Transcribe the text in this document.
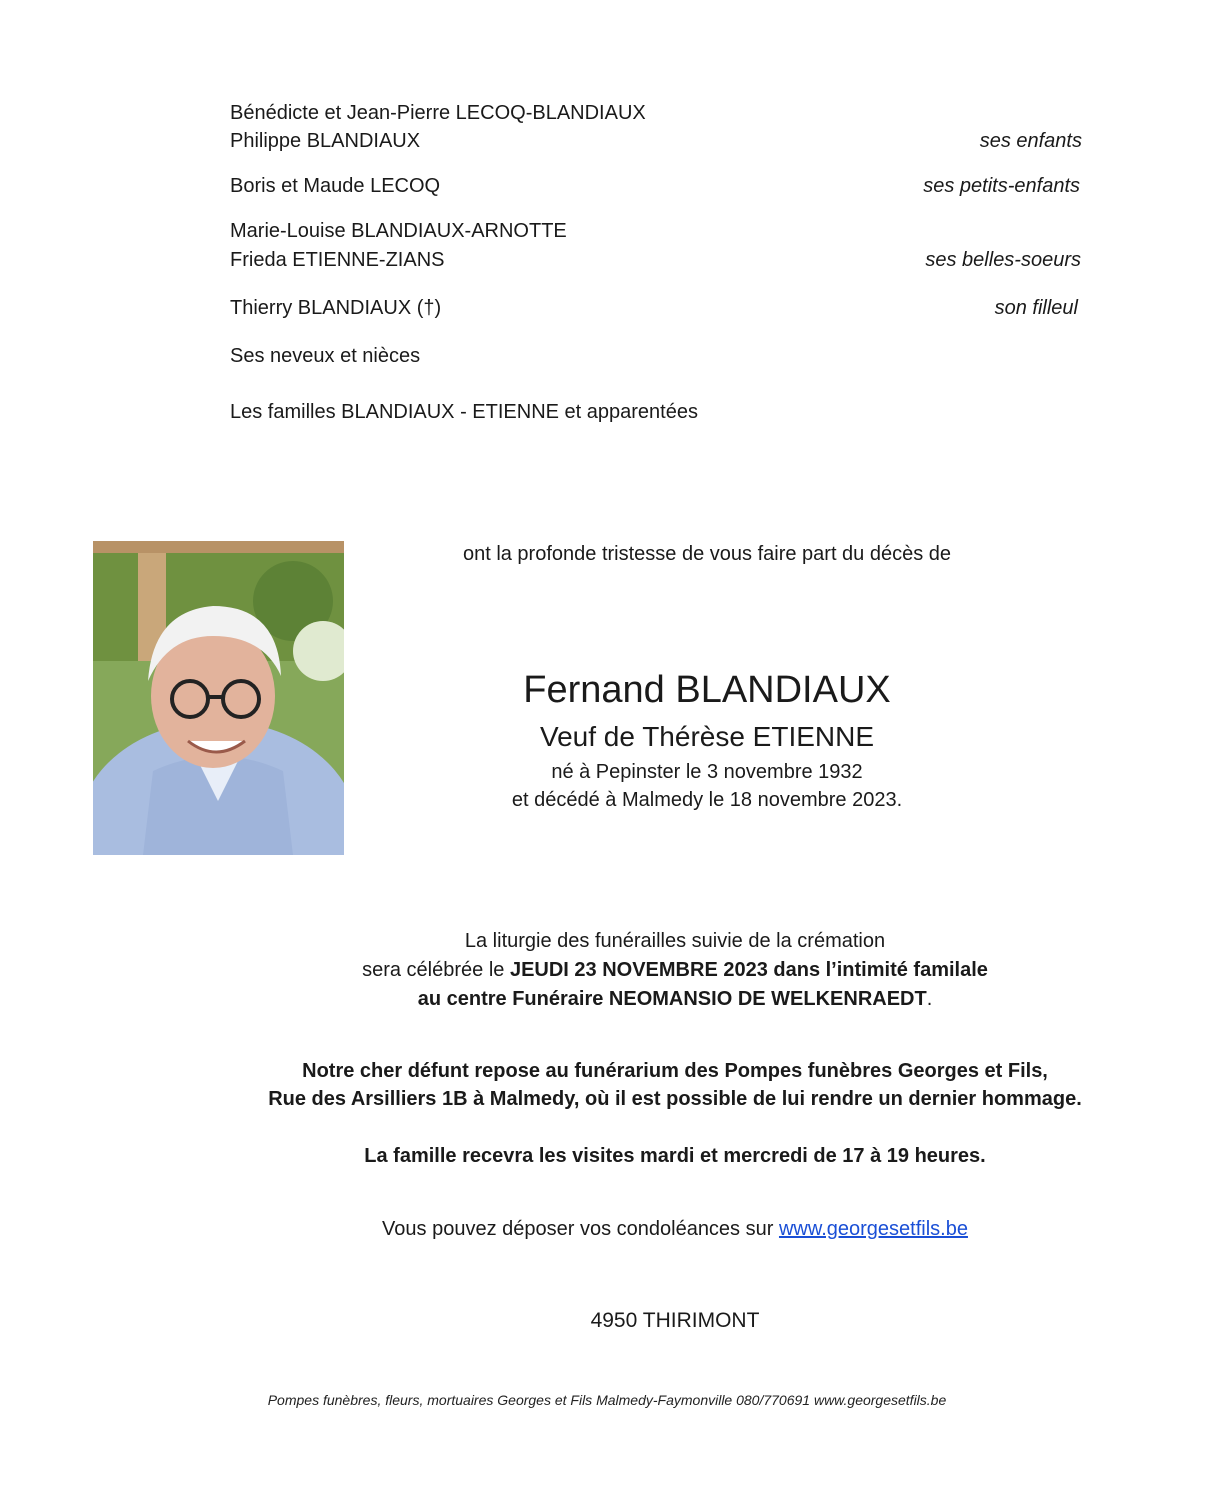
Bénédicte et Jean-Pierre LECOQ-BLANDIAUX
Philippe BLANDIAUX	ses enfants
Boris et Maude LECOQ	ses petits-enfants
Marie-Louise BLANDIAUX-ARNOTTE
Frieda ETIENNE-ZIANS	ses belles-soeurs
Thierry BLANDIAUX (†)	son filleul
Ses neveux et nièces
Les familles BLANDIAUX - ETIENNE et apparentées
ont la profonde tristesse de vous faire part du décès de
Fernand BLANDIAUX
Veuf de Thérèse ETIENNE
né à Pepinster le 3 novembre 1932
et décédé à Malmedy le 18 novembre 2023.
La liturgie des funérailles suivie de la crémation
sera célébrée le JEUDI 23 NOVEMBRE 2023 dans l’intimité familale
au centre Funéraire NEOMANSIO DE WELKENRAEDT.
Notre cher défunt repose au funérarium des Pompes funèbres Georges et Fils,
Rue des Arsilliers 1B à Malmedy, où il est possible de lui rendre un dernier hommage.
La famille recevra les visites mardi et mercredi de 17 à 19 heures.
Vous pouvez déposer vos condoléances sur www.georgesetfils.be
4950 THIRIMONT
Pompes funèbres, fleurs, mortuaires Georges et Fils Malmedy-Faymonville 080/770691 www.georgesetfils.be
